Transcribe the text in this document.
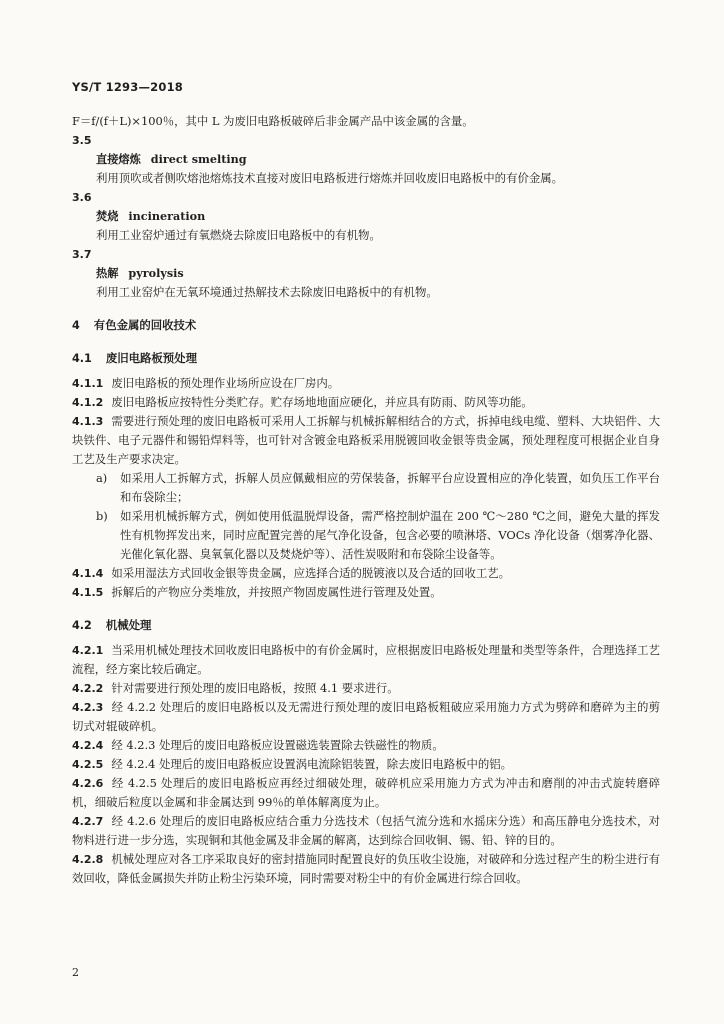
YS/T 1293—2018

F＝f/(f＋L)×100％，其中 L 为废旧电路板破碎后非金属产品中该金属的含量。

3.5

直接熔炼 direct smelting

利用顶吹或者侧吹熔池熔炼技术直接对废旧电路板进行熔炼并回收废旧电路板中的有价金属。

3.6

焚烧 incineration

利用工业窑炉通过有氧燃烧去除废旧电路板中的有机物。

3.7

热解 pyrolysis

利用工业窑炉在无氧环境通过热解技术去除废旧电路板中的有机物。

4 有色金属的回收技术

4.1 废旧电路板预处理

4.1.1 废旧电路板的预处理作业场所应设在厂房内。

4.1.2 废旧电路板应按特性分类贮存。贮存场地地面应硬化，并应具有防雨、防风等功能。

4.1.3 需要进行预处理的废旧电路板可采用人工拆解与机械拆解相结合的方式，拆掉电线电缆、塑料、大块铝件、大块铁件、电子元器件和锡铅焊料等，也可针对含镀金电路板采用脱镀回收金银等贵金属，预处理程度可根据企业自身工艺及生产要求决定。

a) 如采用人工拆解方式，拆解人员应佩戴相应的劳保装备，拆解平台应设置相应的净化装置，如负压工作平台和布袋除尘；

b) 如采用机械拆解方式，例如使用低温脱焊设备，需严格控制炉温在 200 ℃～280 ℃之间，避免大量的挥发性有机物挥发出来，同时应配置完善的尾气净化设备，包含必要的喷淋塔、VOCs 净化设备（烟雾净化器、光催化氧化器、臭氧氧化器以及焚烧炉等）、活性炭吸附和布袋除尘设备等。

4.1.4 如采用湿法方式回收金银等贵金属，应选择合适的脱镀液以及合适的回收工艺。

4.1.5 拆解后的产物应分类堆放，并按照产物固废属性进行管理及处置。

4.2 机械处理

4.2.1 当采用机械处理技术回收废旧电路板中的有价金属时，应根据废旧电路板处理量和类型等条件，合理选择工艺流程，经方案比较后确定。

4.2.2 针对需要进行预处理的废旧电路板，按照 4.1 要求进行。

4.2.3 经 4.2.2 处理后的废旧电路板以及无需进行预处理的废旧电路板粗破应采用施力方式为劈碎和磨碎为主的剪切式对辊破碎机。

4.2.4 经 4.2.3 处理后的废旧电路板应设置磁选装置除去铁磁性的物质。

4.2.5 经 4.2.4 处理后的废旧电路板应设置涡电流除铝装置，除去废旧电路板中的铝。

4.2.6 经 4.2.5 处理后的废旧电路板应再经过细破处理，破碎机应采用施力方式为冲击和磨削的冲击式旋转磨碎机，细破后粒度以金属和非金属达到 99％的单体解离度为止。

4.2.7 经 4.2.6 处理后的废旧电路板应结合重力分选技术（包括气流分选和水摇床分选）和高压静电分选技术，对物料进行进一步分选，实现铜和其他金属及非金属的解离，达到综合回收铜、锡、铅、锌的目的。

4.2.8 机械处理应对各工序采取良好的密封措施同时配置良好的负压收尘设施，对破碎和分选过程产生的粉尘进行有效回收，降低金属损失并防止粉尘污染环境，同时需要对粉尘中的有价金属进行综合回收。

2
